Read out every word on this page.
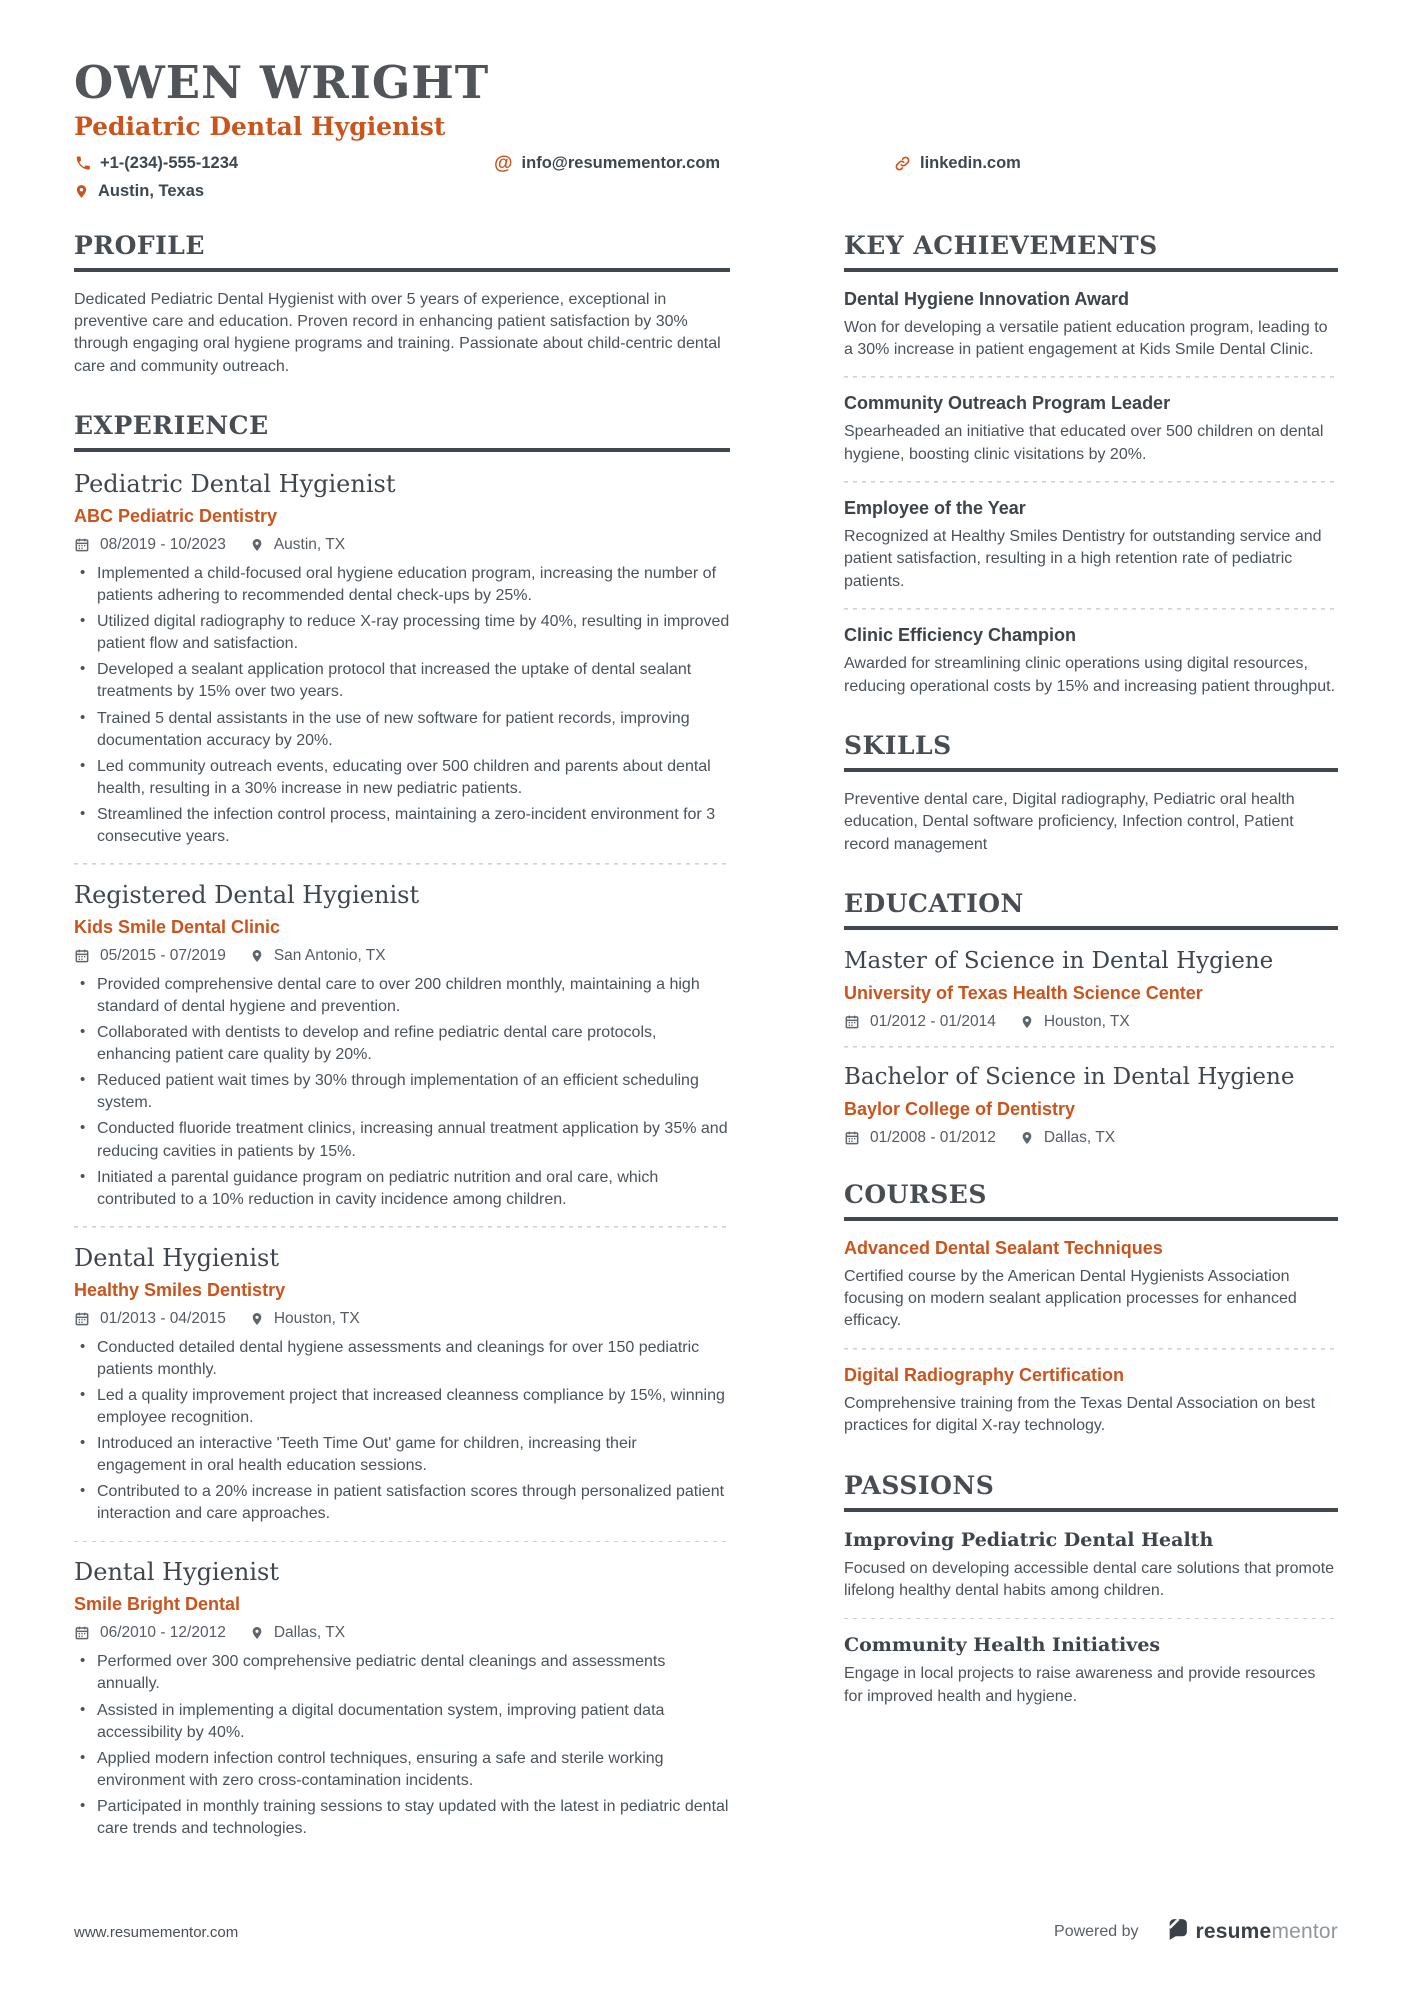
OWEN WRIGHT
Pediatric Dental Hygienist
+1-(234)-555-1234	@ info@resumementor.com	linkedin.com
Austin, Texas
PROFILE

Dedicated Pediatric Dental Hygienist with over 5 years of experience, exceptional in preventive care and education. Proven record in enhancing patient satisfaction by 30% through engaging oral hygiene programs and training. Passionate about child-centric dental care and community outreach.

EXPERIENCE
Pediatric Dental Hygienist
ABC Pediatric Dentistry
08/2019 - 10/2023	Austin, TX
• Implemented a child-focused oral hygiene education program, increasing the number of patients adhering to recommended dental check-ups by 25%.
• Utilized digital radiography to reduce X-ray processing time by 40%, resulting in improved patient flow and satisfaction.
• Developed a sealant application protocol that increased the uptake of dental sealant treatments by 15% over two years.
• Trained 5 dental assistants in the use of new software for patient records, improving documentation accuracy by 20%.
• Led community outreach events, educating over 500 children and parents about dental health, resulting in a 30% increase in new pediatric patients.
• Streamlined the infection control process, maintaining a zero-incident environment for 3 consecutive years.
Registered Dental Hygienist
Kids Smile Dental Clinic
05/2015 - 07/2019	San Antonio, TX
• Provided comprehensive dental care to over 200 children monthly, maintaining a high standard of dental hygiene and prevention.
• Collaborated with dentists to develop and refine pediatric dental care protocols, enhancing patient care quality by 20%.
• Reduced patient wait times by 30% through implementation of an efficient scheduling system.
• Conducted fluoride treatment clinics, increasing annual treatment application by 35% and reducing cavities in patients by 15%.
• Initiated a parental guidance program on pediatric nutrition and oral care, which contributed to a 10% reduction in cavity incidence among children.
Dental Hygienist
Healthy Smiles Dentistry
01/2013 - 04/2015	Houston, TX
• Conducted detailed dental hygiene assessments and cleanings for over 150 pediatric patients monthly.
• Led a quality improvement project that increased cleanness compliance by 15%, winning employee recognition.
• Introduced an interactive 'Teeth Time Out' game for children, increasing their engagement in oral health education sessions.
• Contributed to a 20% increase in patient satisfaction scores through personalized patient interaction and care approaches.
Dental Hygienist
Smile Bright Dental
06/2010 - 12/2012	Dallas, TX
• Performed over 300 comprehensive pediatric dental cleanings and assessments annually.
• Assisted in implementing a digital documentation system, improving patient data accessibility by 40%.
• Applied modern infection control techniques, ensuring a safe and sterile working environment with zero cross-contamination incidents.
• Participated in monthly training sessions to stay updated with the latest in pediatric dental care trends and technologies.
KEY ACHIEVEMENTS
Dental Hygiene Innovation Award

Won for developing a versatile patient education program, leading to a 30% increase in patient engagement at Kids Smile Dental Clinic.

Community Outreach Program Leader

Spearheaded an initiative that educated over 500 children on dental hygiene, boosting clinic visitations by 20%.

Employee of the Year

Recognized at Healthy Smiles Dentistry for outstanding service and patient satisfaction, resulting in a high retention rate of pediatric patients.

Clinic Efficiency Champion

Awarded for streamlining clinic operations using digital resources, reducing operational costs by 15% and increasing patient throughput.

SKILLS

Preventive dental care, Digital radiography, Pediatric oral health education, Dental software proficiency, Infection control, Patient record management

EDUCATION
Master of Science in Dental Hygiene
University of Texas Health Science Center
01/2012 - 01/2014	Houston, TX
Bachelor of Science in Dental Hygiene
Baylor College of Dentistry
01/2008 - 01/2012	Dallas, TX
COURSES
Advanced Dental Sealant Techniques

Certified course by the American Dental Hygienists Association focusing on modern sealant application processes for enhanced efficacy.

Digital Radiography Certification

Comprehensive training from the Texas Dental Association on best practices for digital X-ray technology.

PASSIONS
Improving Pediatric Dental Health

Focused on developing accessible dental care solutions that promote lifelong healthy dental habits among children.

Community Health Initiatives

Engage in local projects to raise awareness and provide resources for improved health and hygiene.

www.resumementor.com	Powered by	resumementor
